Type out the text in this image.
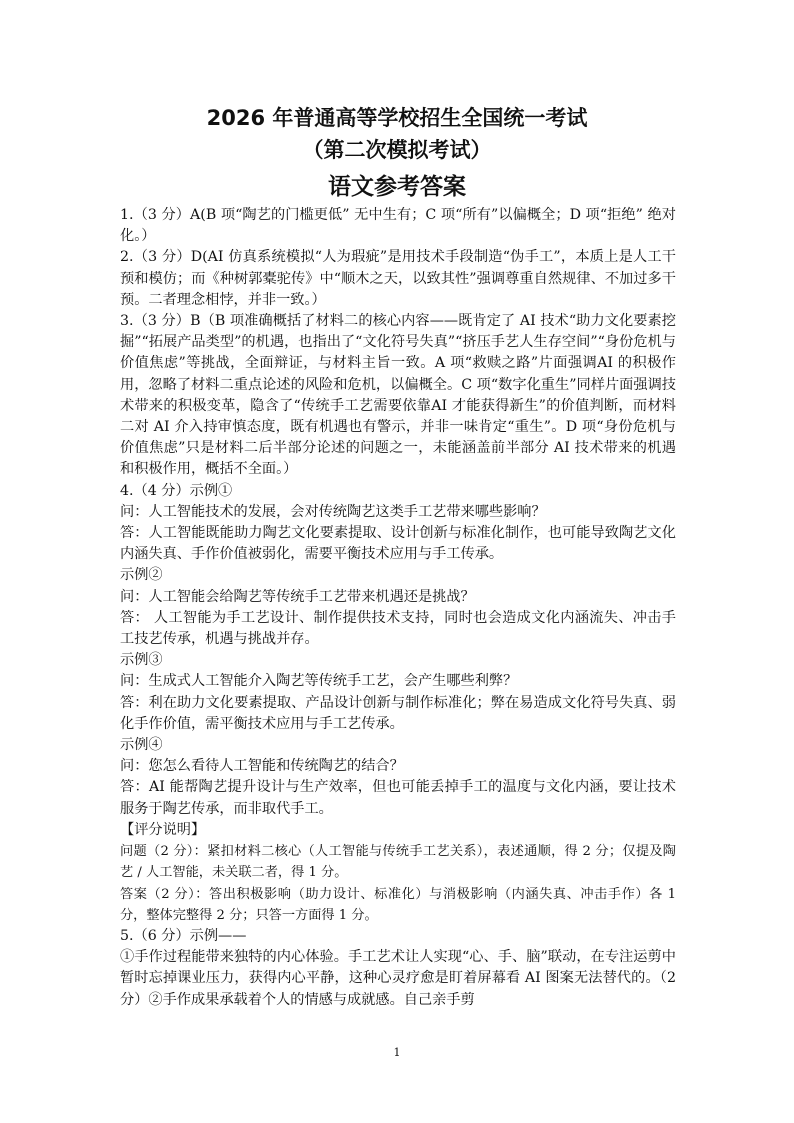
2026 年普通高等学校招生全国统一考试
（第二次模拟考试）
语文参考答案

1.（3 分）A(B 项“陶艺的门槛更低” 无中生有；C 项“所有”以偏概全；D 项“拒绝” 绝对化。）

2.（3 分）D(AI 仿真系统模拟“人为瑕疵”是用技术手段制造“伪手工”，本质上是人工干预和模仿；而《种树郭橐驼传》中“顺木之天，以致其性”强调尊重自然规律、不加过多干预。二者理念相悖，并非一致。）

3.（3 分）B（B 项准确概括了材料二的核心内容——既肯定了 AI 技术“助力文化要素挖掘”“拓展产品类型”的机遇，也指出了“文化符号失真”“挤压手艺人生存空间”“身份危机与价值焦虑”等挑战，全面辩证，与材料主旨一致。A 项“救赎之路”片面强调AI 的积极作用，忽略了材料二重点论述的风险和危机，以偏概全。C 项“数字化重生”同样片面强调技术带来的积极变革，隐含了“传统手工艺需要依靠AI 才能获得新生”的价值判断，而材料二对 AI 介入持审慎态度，既有机遇也有警示，并非一味肯定“重生”。D 项“身份危机与价值焦虑”只是材料二后半部分论述的问题之一，未能涵盖前半部分 AI 技术带来的机遇和积极作用，概括不全面。）

4.（4 分）示例①

问：人工智能技术的发展，会对传统陶艺这类手工艺带来哪些影响？

答：人工智能既能助力陶艺文化要素提取、设计创新与标准化制作，也可能导致陶艺文化内涵失真、手作价值被弱化，需要平衡技术应用与手工传承。

示例②

问：人工智能会给陶艺等传统手工艺带来机遇还是挑战？

答： 人工智能为手工艺设计、制作提供技术支持，同时也会造成文化内涵流失、冲击手工技艺传承，机遇与挑战并存。

示例③

问：生成式人工智能介入陶艺等传统手工艺，会产生哪些利弊？

答：利在助力文化要素提取、产品设计创新与制作标准化；弊在易造成文化符号失真、弱化手作价值，需平衡技术应用与手工艺传承。

示例④

问：您怎么看待人工智能和传统陶艺的结合？

答：AI 能帮陶艺提升设计与生产效率，但也可能丢掉手工的温度与文化内涵，要让技术服务于陶艺传承，而非取代手工。

【评分说明】

问题（2 分）：紧扣材料二核心（人工智能与传统手工艺关系），表述通顺，得 2 分；仅提及陶艺 / 人工智能，未关联二者，得 1 分。

答案（2 分）：答出积极影响（助力设计、标准化）与消极影响（内涵失真、冲击手作）各 1 分，整体完整得 2 分；只答一方面得 1 分。

5.（6 分）示例——

①手作过程能带来独特的内心体验。手工艺术让人实现“心、手、脑”联动，在专注运剪中暂时忘掉课业压力，获得内心平静，这种心灵疗愈是盯着屏幕看 AI 图案无法替代的。（2 分）②手作成果承载着个人的情感与成就感。自己亲手剪

1
